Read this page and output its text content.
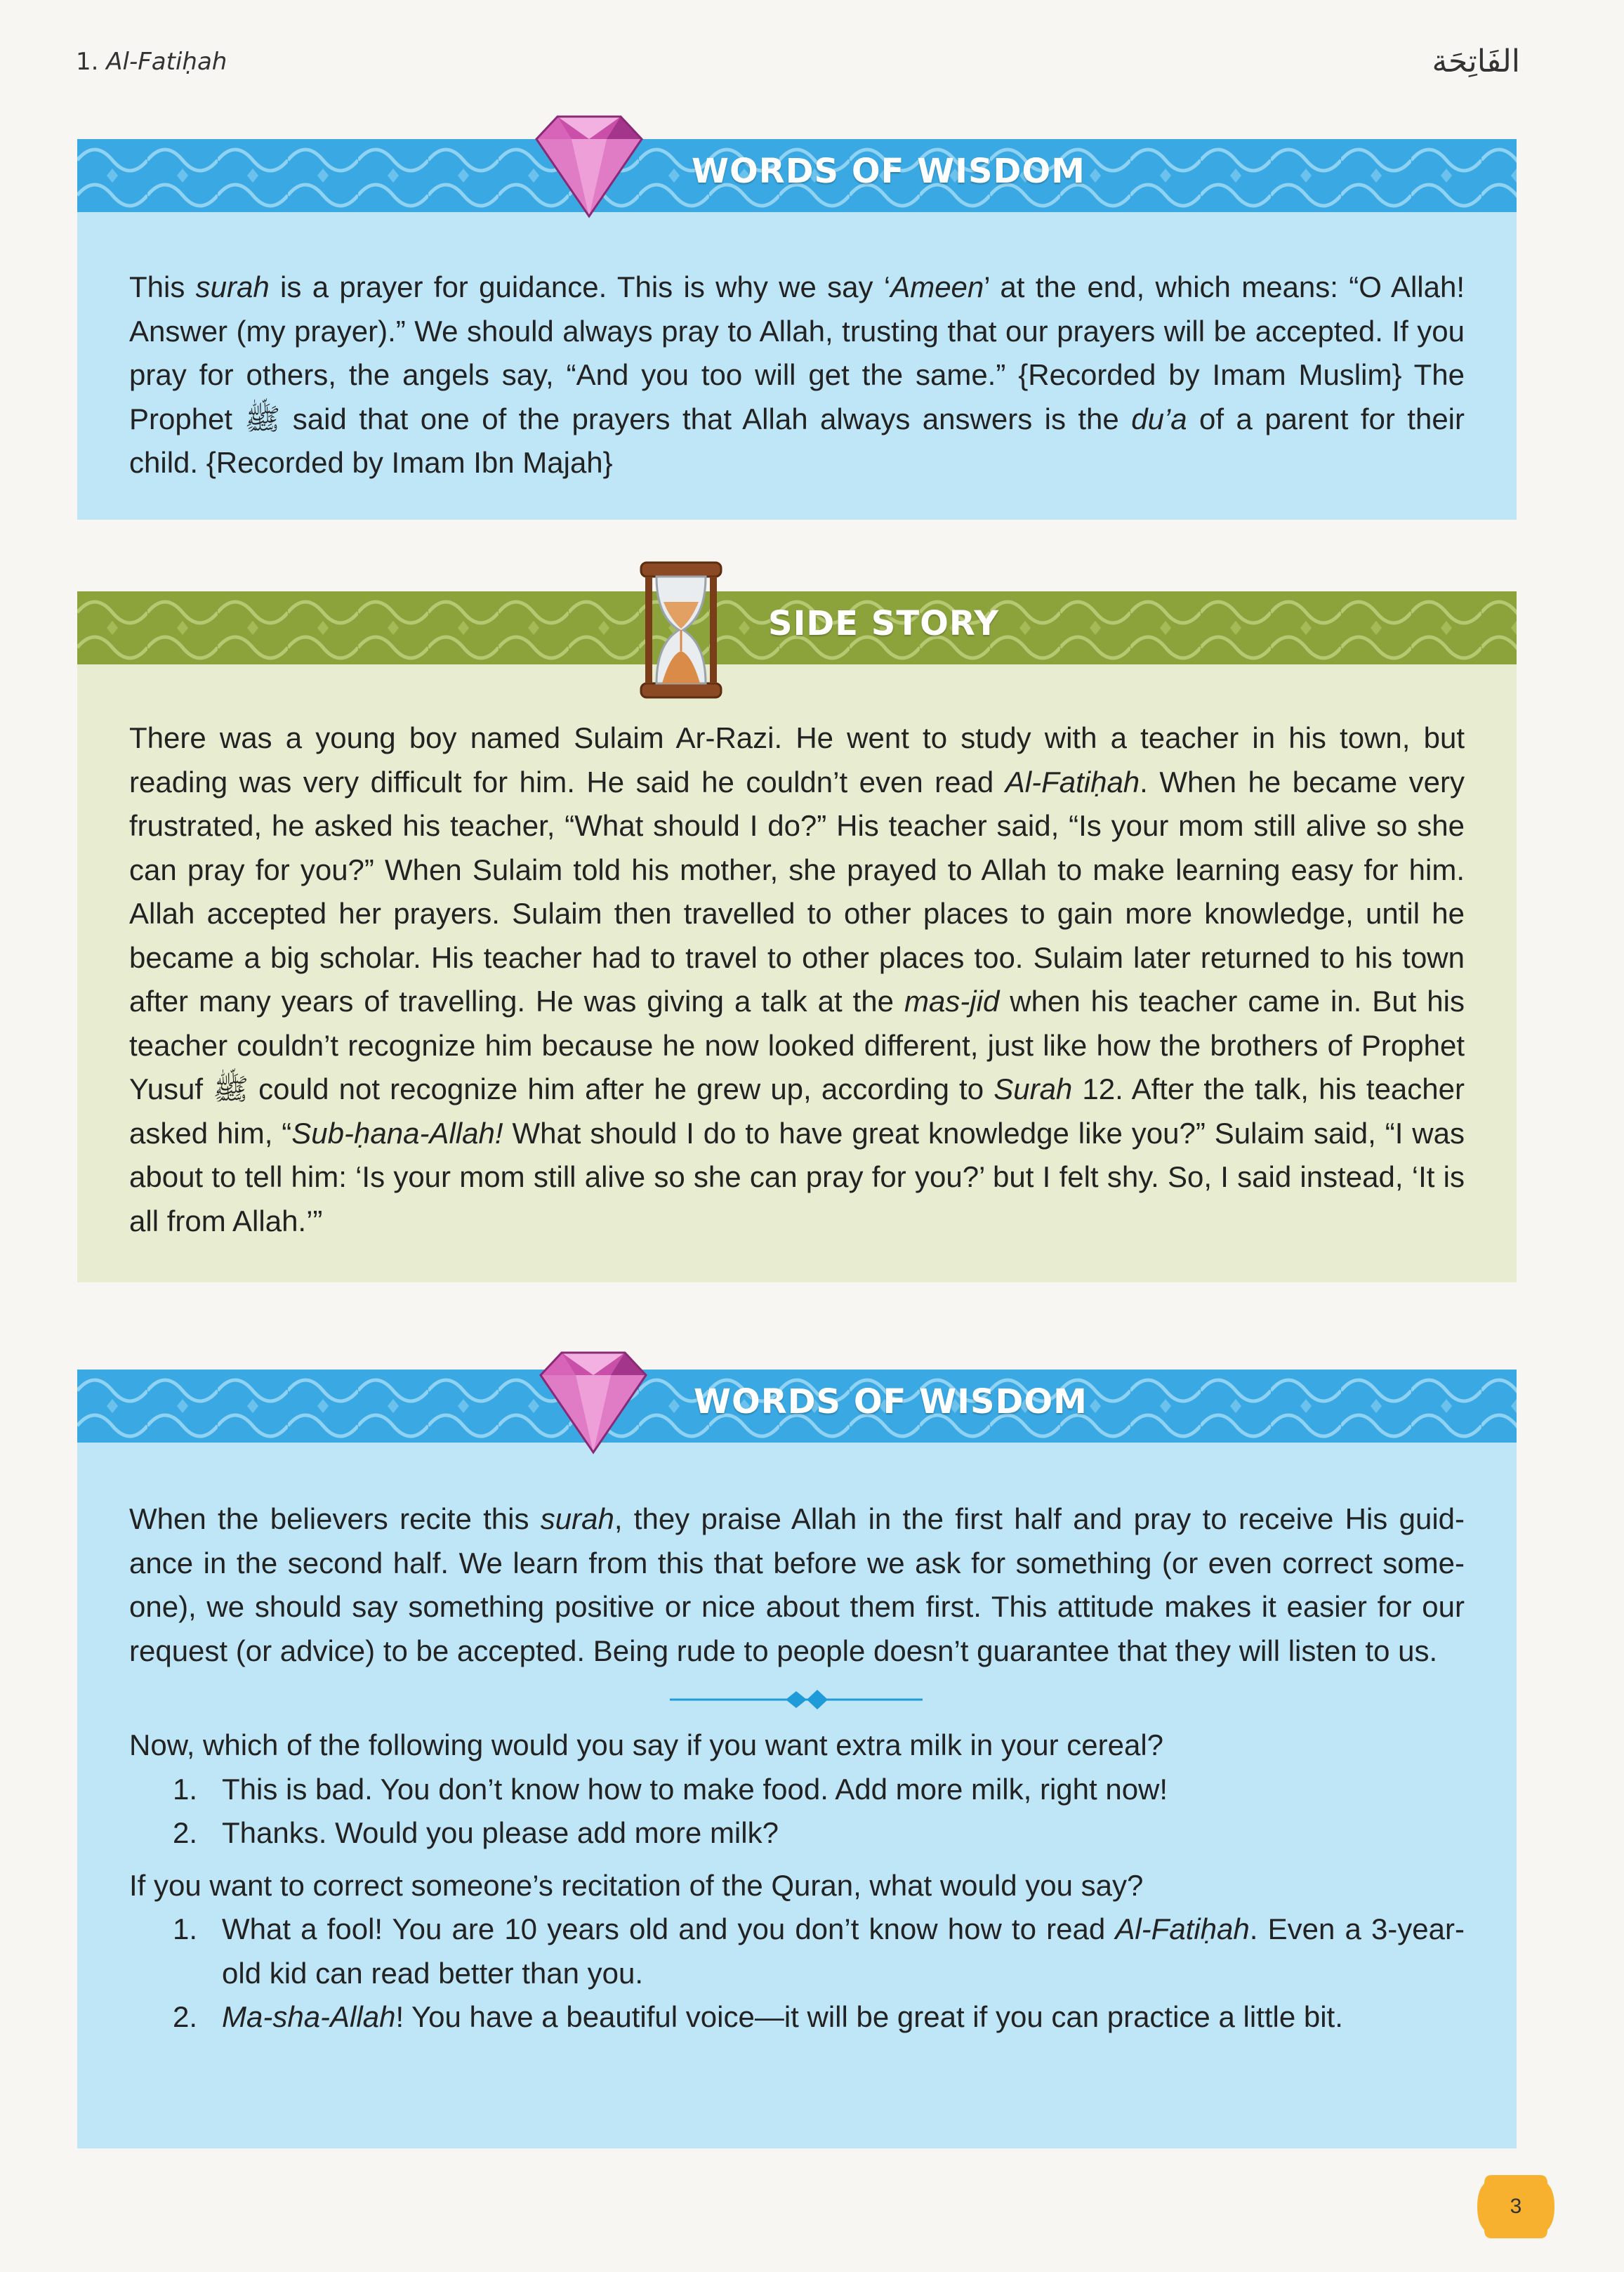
1. Al-Fatiḥah	الفَاتِحَة
WORDS OF WISDOM

This surah is a prayer for guidance. This is why we say ‘Ameen’ at the end, which means: “O Allah! Answer (my prayer).” We should always pray to Allah, trusting that our prayers will be accepted. If you pray for others, the angels say, “And you too will get the same.” {Recorded by Imam Muslim} The Prophet ﷺ said that one of the prayers that Allah always answers is the du’a of a parent for their child. {Recorded by Imam Ibn Majah}

SIDE STORY

There was a young boy named Sulaim Ar-Razi. He went to study with a teacher in his town, but reading was very difficult for him. He said he couldn’t even read Al-Fatiḥah. When he became very frustrated, he asked his teacher, “What should I do?” His teacher said, “Is your mom still alive so she can pray for you?” When Sulaim told his mother, she prayed to Allah to make learning easy for him. Allah accepted her prayers. Sulaim then travelled to other places to gain more knowledge, until he became a big scholar. His teacher had to travel to other places too. Sulaim later returned to his town after many years of travelling. He was giving a talk at the mas-jid when his teacher came in. But his teacher couldn’t recognize him because he now looked different, just like how the brothers of Prophet Yusuf ﷺ could not recognize him after he grew up, according to Surah 12. After the talk, his teacher asked him, “Sub-ḥana-Allah! What should I do to have great knowledge like you?” Sulaim said, “I was about to tell him: ‘Is your mom still alive so she can pray for you?’ but I felt shy. So, I said instead, ‘It is all from Allah.’”

WORDS OF WISDOM

When the believers recite this surah, they praise Allah in the first half and pray to receive His guid-ance in the second half. We learn from this that before we ask for something (or even correct some-one), we should say something positive or nice about them first. This attitude makes it easier for our request (or advice) to be accepted. Being rude to people doesn’t guarantee that they will listen to us.

Now, which of the following would you say if you want extra milk in your cereal?

1. This is bad. You don’t know how to make food. Add more milk, right now!
2. Thanks. Would you please add more milk?

If you want to correct someone’s recitation of the Quran, what would you say?

1. What a fool! You are 10 years old and you don’t know how to read Al-Fatiḥah. Even a 3-year-old kid can read better than you.
2. Ma-sha-Allah! You have a beautiful voice—it will be great if you can practice a little bit.
3
